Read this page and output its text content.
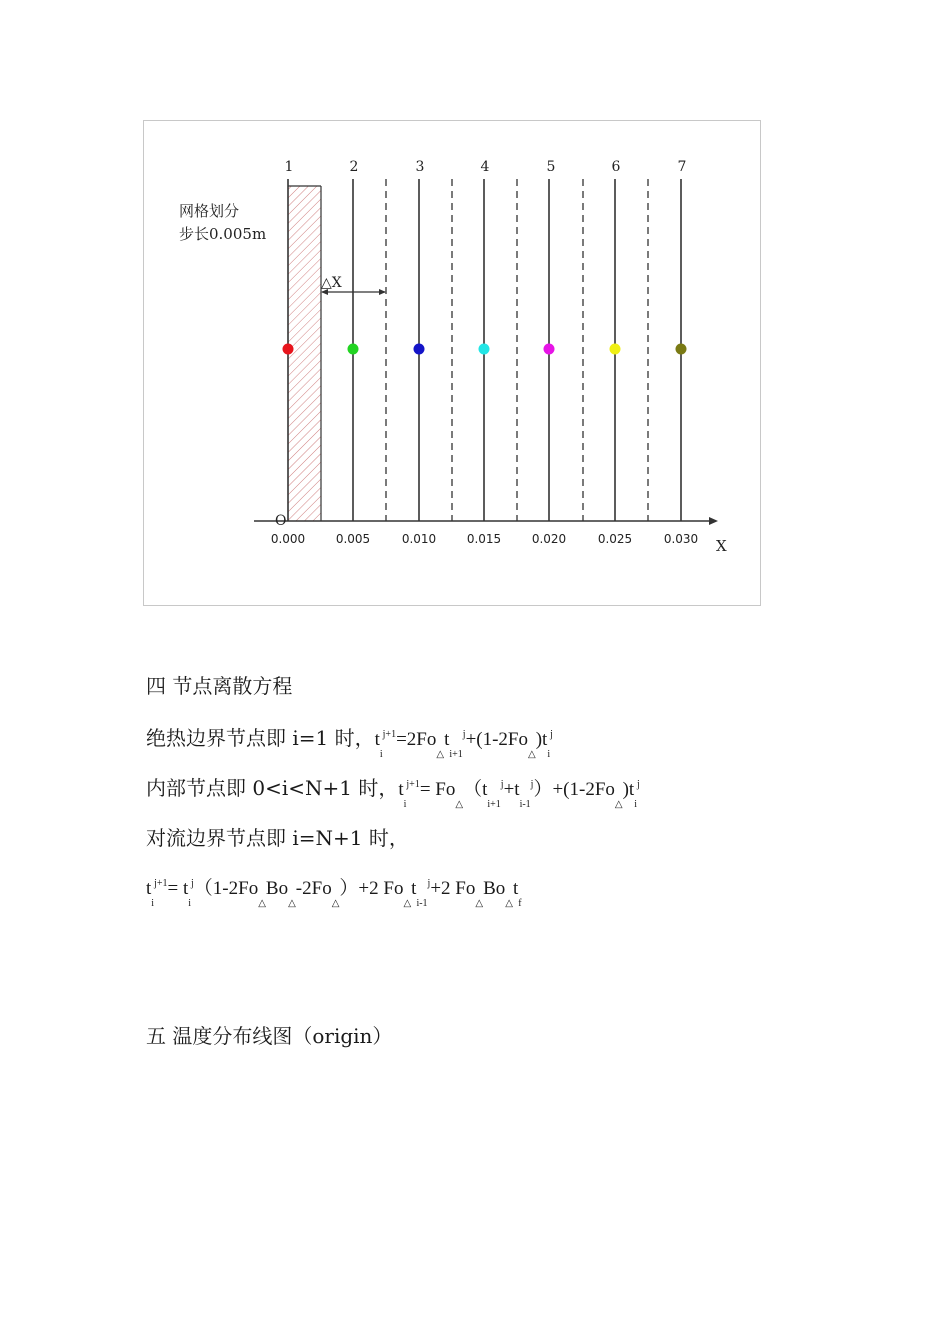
1	2	3	4	5	6	7
0.000	0.005	0.010	0.015	0.020	0.025	0.030
O
X
△X
网格划分
步长0.005m
四 节点离散方程
绝热边界节点即 i=1 时，tij+1=2Fo△ti+1j+(1-2Fo△)tij
内部节点即 0<i<N+1 时，tij+1= Fo△（ti+1j+ti-1j）+(1-2Fo△)tij
对流边界节点即 i=N+1 时，
tij+1= tij（1-2Fo△Bo△-2Fo△）+2 Fo△ti-1j+2 Fo△Bo△tf
五 温度分布线图（origin）
